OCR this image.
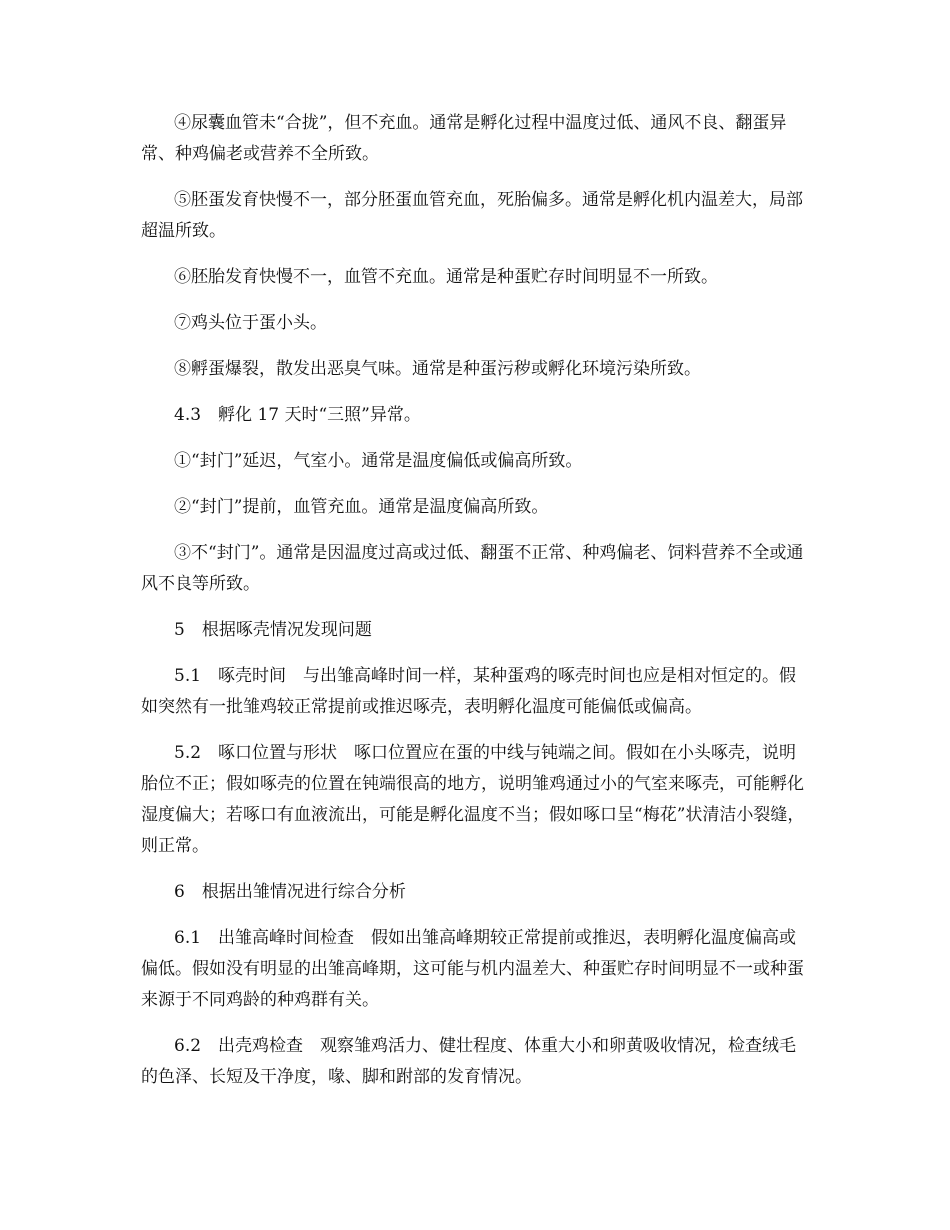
④尿囊血管未“合拢”，但不充血。通常是孵化过程中温度过低、通风不良、翻蛋异常、种鸡偏老或营养不全所致。

⑤胚蛋发育快慢不一，部分胚蛋血管充血，死胎偏多。通常是孵化机内温差大，局部超温所致。

⑥胚胎发育快慢不一，血管不充血。通常是种蛋贮存时间明显不一所致。

⑦鸡头位于蛋小头。

⑧孵蛋爆裂，散发出恶臭气味。通常是种蛋污秽或孵化环境污染所致。

4.3　孵化 17 天时“三照”异常。

①“封门”延迟，气室小。通常是温度偏低或偏高所致。

②“封门”提前，血管充血。通常是温度偏高所致。

③不“封门”。通常是因温度过高或过低、翻蛋不正常、种鸡偏老、饲料营养不全或通风不良等所致。

5　根据啄壳情况发现问题

5.1　啄壳时间　与出雏高峰时间一样，某种蛋鸡的啄壳时间也应是相对恒定的。假如突然有一批雏鸡较正常提前或推迟啄壳，表明孵化温度可能偏低或偏高。

5.2　啄口位置与形状　啄口位置应在蛋的中线与钝端之间。假如在小头啄壳，说明胎位不正；假如啄壳的位置在钝端很高的地方，说明雏鸡通过小的气室来啄壳，可能孵化湿度偏大；若啄口有血液流出，可能是孵化温度不当；假如啄口呈“梅花”状清洁小裂缝，则正常。

6　根据出雏情况进行综合分析

6.1　出雏高峰时间检查　假如出雏高峰期较正常提前或推迟，表明孵化温度偏高或偏低。假如没有明显的出雏高峰期，这可能与机内温差大、种蛋贮存时间明显不一或种蛋来源于不同鸡龄的种鸡群有关。

6.2　出壳鸡检查　观察雏鸡活力、健壮程度、体重大小和卵黄吸收情况，检查绒毛的色泽、长短及干净度，喙、脚和跗部的发育情况。
